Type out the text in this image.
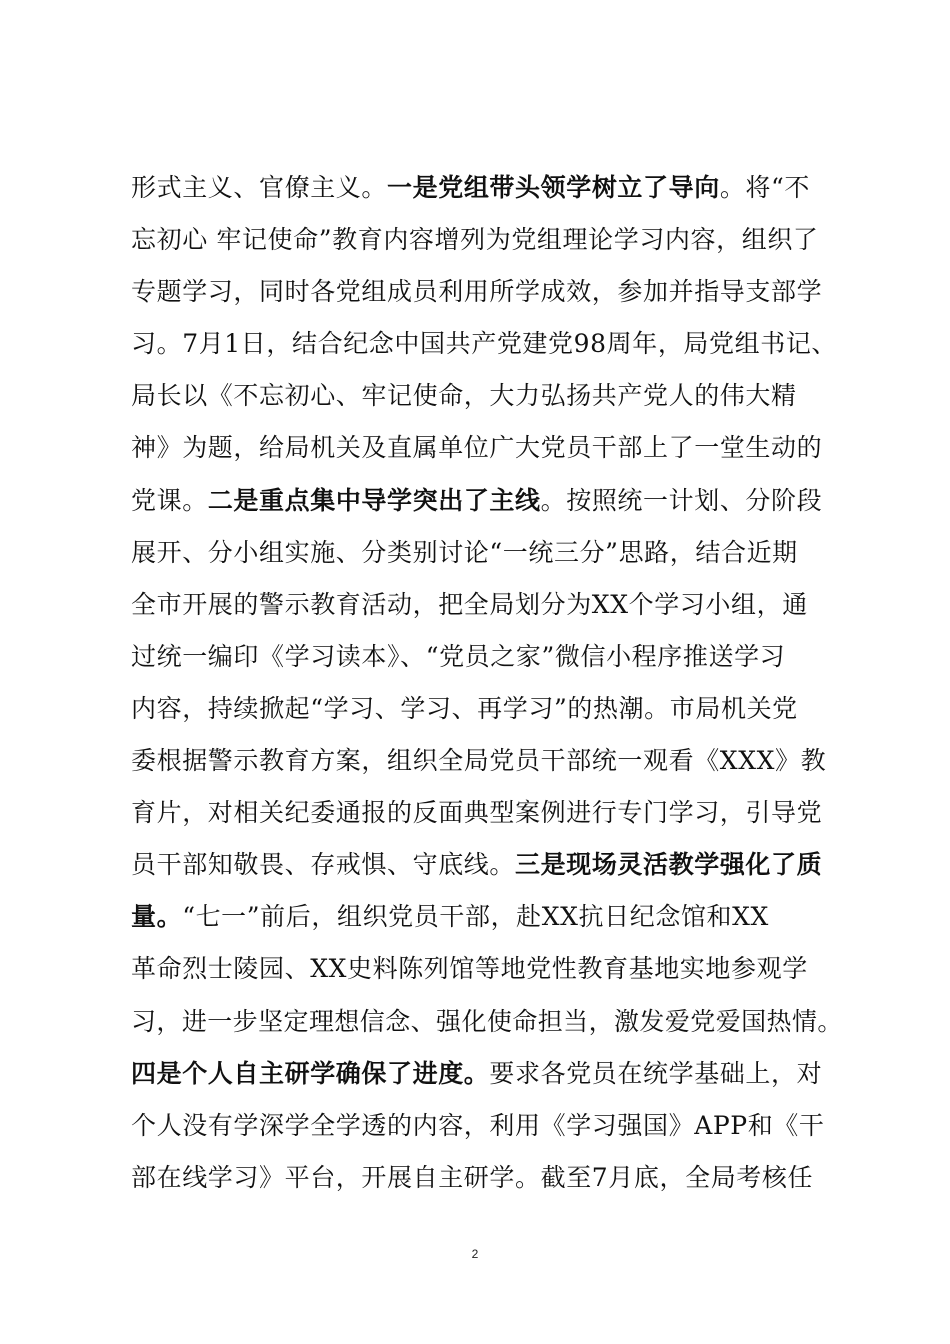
形式主义、官僚主义。一是党组带头领学树立了导向。将“不
忘初心 牢记使命”教育内容增列为党组理论学习内容，组织了
专题学习，同时各党组成员利用所学成效，参加并指导支部学
习。7月1日，结合纪念中国共产党建党98周年，局党组书记、
局长以《不忘初心、牢记使命，大力弘扬共产党人的伟大精
神》为题，给局机关及直属单位广大党员干部上了一堂生动的
党课。二是重点集中导学突出了主线。按照统一计划、分阶段
展开、分小组实施、分类别讨论“一统三分”思路，结合近期
全市开展的警示教育活动，把全局划分为XX个学习小组，通
过统一编印《学习读本》、“党员之家”微信小程序推送学习
内容，持续掀起“学习、学习、再学习”的热潮。市局机关党
委根据警示教育方案，组织全局党员干部统一观看《XXX》教
育片，对相关纪委通报的反面典型案例进行专门学习，引导党
员干部知敬畏、存戒惧、守底线。三是现场灵活教学强化了质
量。“七一”前后，组织党员干部，赴XX抗日纪念馆和XX
革命烈士陵园、XX史料陈列馆等地党性教育基地实地参观学
习，进一步坚定理想信念、强化使命担当，激发爱党爱国热情。
四是个人自主研学确保了进度。要求各党员在统学基础上，对
个人没有学深学全学透的内容，利用《学习强国》APP和《干
部在线学习》平台，开展自主研学。截至7月底，全局考核任
2
